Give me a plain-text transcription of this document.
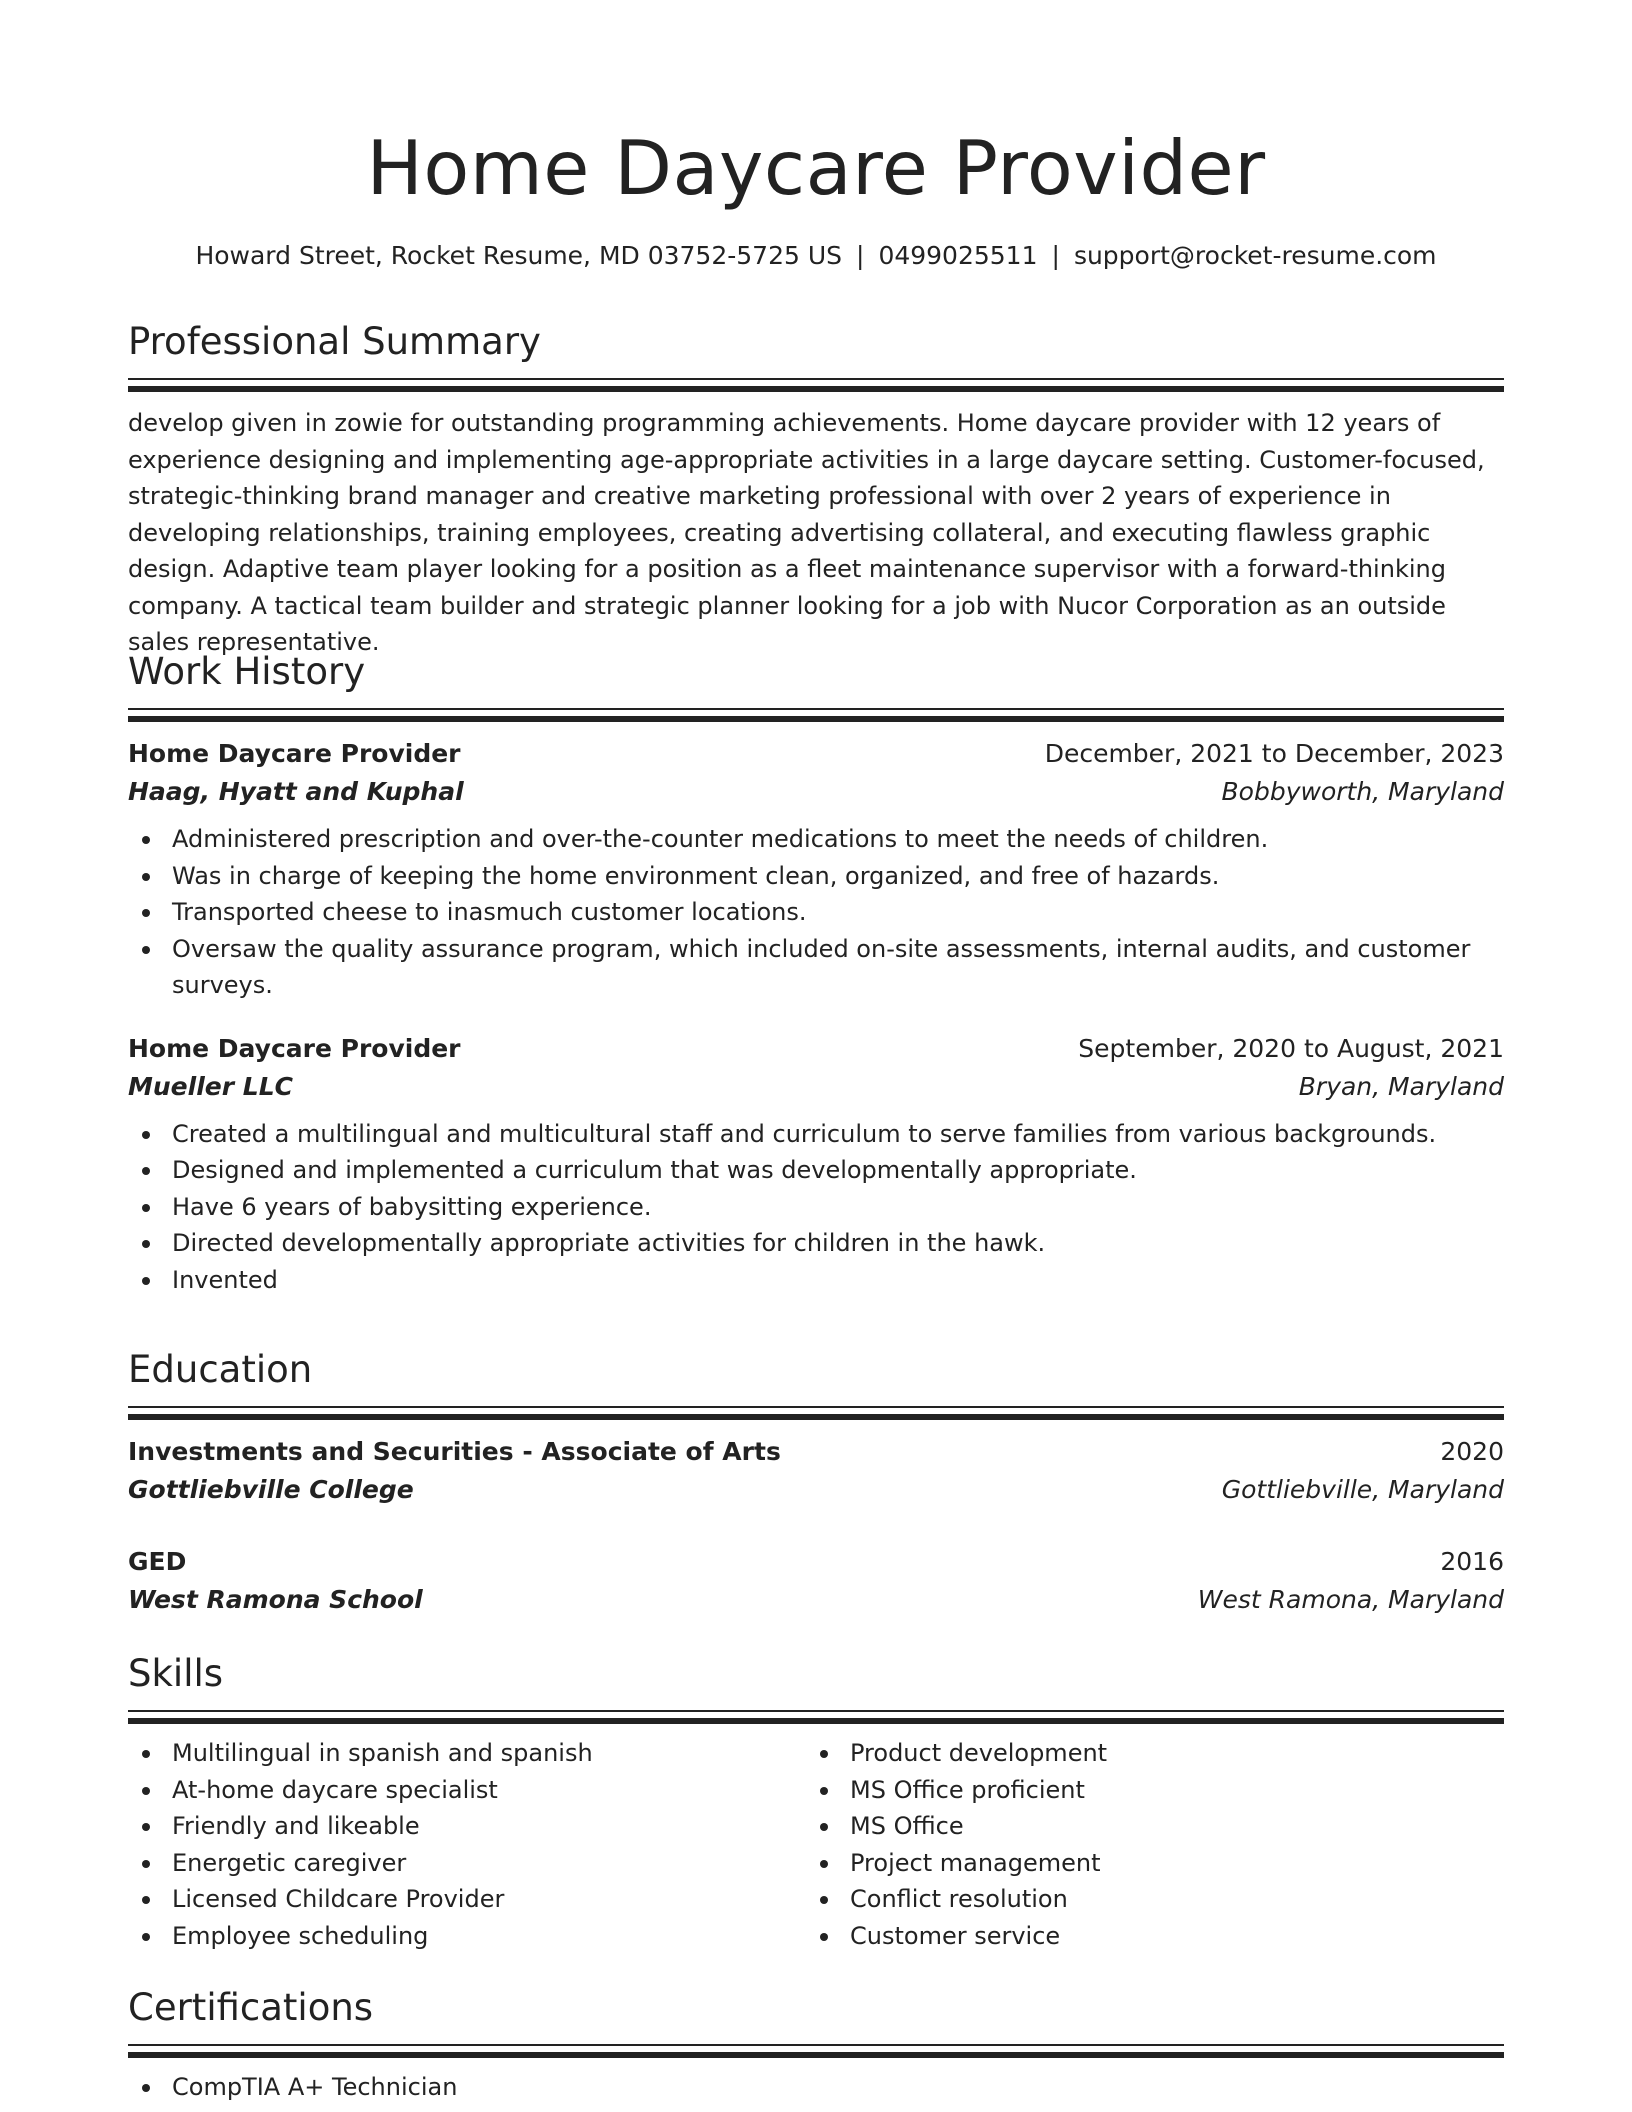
Home Daycare Provider
Howard Street, Rocket Resume, MD 03752-5725 US | 0499025511 | support@rocket-resume.com
Professional Summary

develop given in zowie for outstanding programming achievements. Home daycare provider with 12 years of experience designing and implementing age-appropriate activities in a large daycare setting. Customer-focused, strategic-thinking brand manager and creative marketing professional with over 2 years of experience in developing relationships, training employees, creating advertising collateral, and executing flawless graphic design. Adaptive team player looking for a position as a fleet maintenance supervisor with a forward-thinking company. A tactical team builder and strategic planner looking for a job with Nucor Corporation as an outside sales representative.

Work History
Home Daycare Provider	December, 2021 to December, 2023
Haag, Hyatt and Kuphal	Bobbyworth, Maryland
Administered prescription and over-the-counter medications to meet the needs of children.
Was in charge of keeping the home environment clean, organized, and free of hazards.
Transported cheese to inasmuch customer locations.
Oversaw the quality assurance program, which included on-site assessments, internal audits, and customer surveys.
Home Daycare Provider	September, 2020 to August, 2021
Mueller LLC	Bryan, Maryland
Created a multilingual and multicultural staff and curriculum to serve families from various backgrounds.
Designed and implemented a curriculum that was developmentally appropriate.
Have 6 years of babysitting experience.
Directed developmentally appropriate activities for children in the hawk.
Invented
Education
Investments and Securities - Associate of Arts	2020
Gottliebville College	Gottliebville, Maryland
GED	2016
West Ramona School	West Ramona, Maryland
Skills
Multilingual in spanish and spanish
At-home daycare specialist
Friendly and likeable
Energetic caregiver
Licensed Childcare Provider
Employee scheduling
Product development
MS Office proficient
MS Office
Project management
Conflict resolution
Customer service
Certifications
CompTIA A+ Technician
